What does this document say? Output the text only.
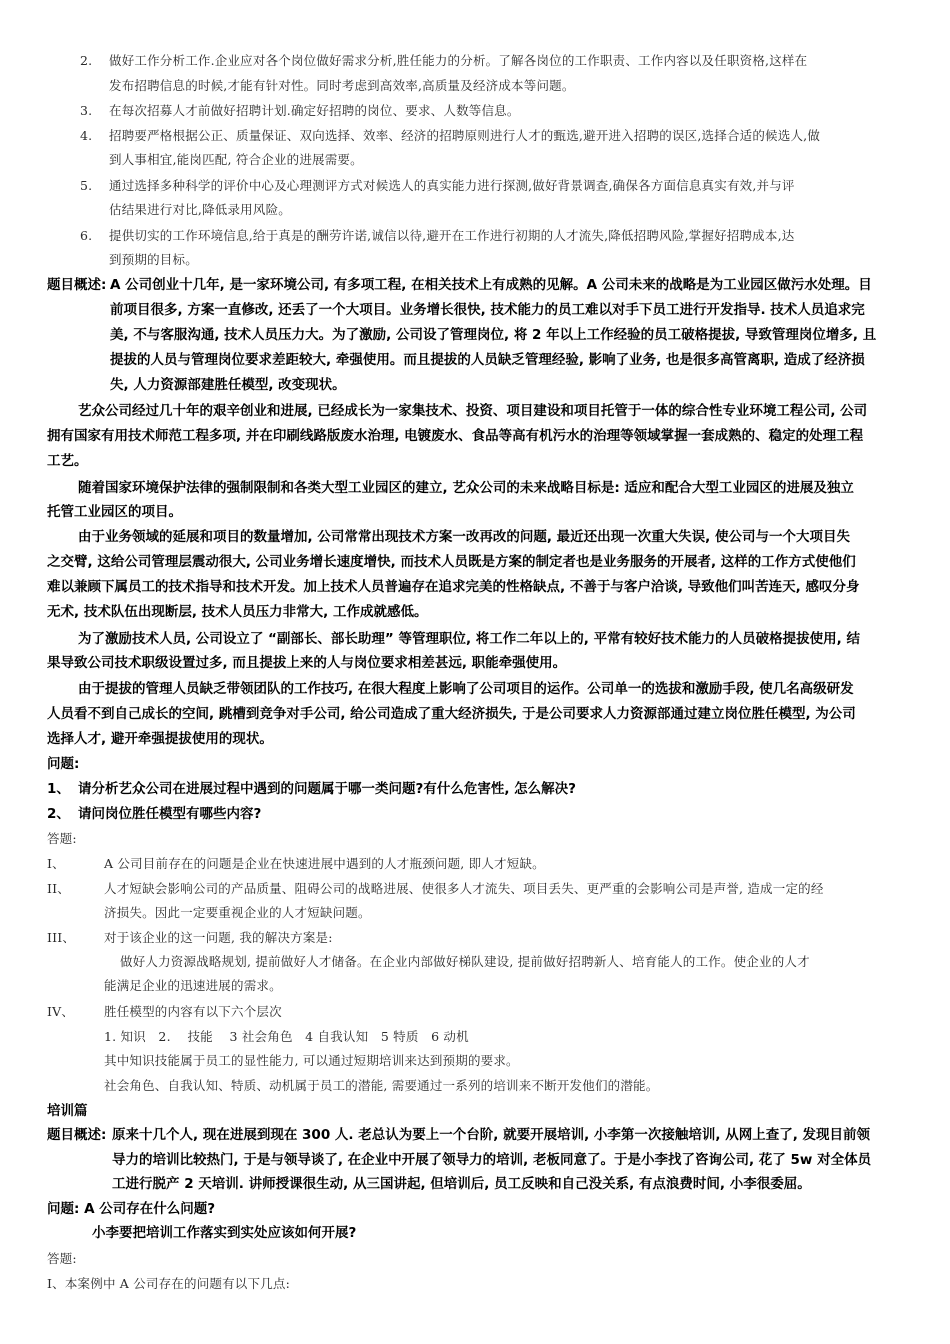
2. 做好工作分析工作.企业应对各个岗位做好需求分析,胜任能力的分析。了解各岗位的工作职责、工作内容以及任职资格,这样在
发布招聘信息的时候,才能有针对性。同时考虑到高效率,高质量及经济成本等问题。
3. 在每次招募人才前做好招聘计划.确定好招聘的岗位、要求、人数等信息。
4. 招聘要严格根据公正、质量保证、双向选择、效率、经济的招聘原则进行人才的甄选,避开进入招聘的误区,选择合适的候选人,做
到人事相宜,能岗匹配, 符合企业的进展需要。
5. 通过选择多种科学的评价中心及心理测评方式对候选人的真实能力进行探测,做好背景调查,确保各方面信息真实有效,并与评
估结果进行对比,降低录用风险。
6. 提供切实的工作环境信息,给于真是的酬劳许诺,诚信以待,避开在工作进行初期的人才流失,降低招聘风险,掌握好招聘成本,达
到预期的目标。
题目概述: A 公司创业十几年, 是一家环境公司, 有多项工程, 在相关技术上有成熟的见解。A 公司未来的战略是为工业园区做污水处理。目
前项目很多, 方案一直修改, 还丢了一个大项目。业务增长很快, 技术能力的员工难以对手下员工进行开发指导. 技术人员追求完
美, 不与客服沟通, 技术人员压力大。为了激励, 公司设了管理岗位, 将 2 年以上工作经验的员工破格提拔, 导致管理岗位增多, 且
提拔的人员与管理岗位要求差距较大, 牵强使用。而且提拔的人员缺乏管理经验, 影响了业务, 也是很多高管离职, 造成了经济损
失, 人力资源部建胜任模型, 改变现状。
艺众公司经过几十年的艰辛创业和进展, 已经成长为一家集技术、投资、项目建设和项目托管于一体的综合性专业环境工程公司, 公司
拥有国家有用技术师范工程多项, 并在印刷线路版废水治理, 电镀废水、食品等高有机污水的治理等领域掌握一套成熟的、稳定的处理工程
工艺。
随着国家环境保护法律的强制限制和各类大型工业园区的建立, 艺众公司的未来战略目标是: 适应和配合大型工业园区的进展及独立
托管工业园区的项目。
由于业务领域的延展和项目的数量增加, 公司常常出现技术方案一改再改的问题, 最近还出现一次重大失误, 使公司与一个大项目失
之交臂, 这给公司管理层震动很大, 公司业务增长速度增快, 而技术人员既是方案的制定者也是业务服务的开展者, 这样的工作方式使他们
难以兼顾下属员工的技术指导和技术开发。加上技术人员普遍存在追求完美的性格缺点, 不善于与客户洽谈, 导致他们叫苦连天, 感叹分身
无术, 技术队伍出现断层, 技术人员压力非常大, 工作成就感低。
为了激励技术人员, 公司设立了 “副部长、部长助理” 等管理职位, 将工作二年以上的, 平常有较好技术能力的人员破格提拔使用, 结
果导致公司技术职级设置过多, 而且提拔上来的人与岗位要求相差甚远, 职能牵强使用。
由于提拔的管理人员缺乏带领团队的工作技巧, 在很大程度上影响了公司项目的运作。公司单一的选拔和激励手段, 使几名高级研发
人员看不到自己成长的空间, 跳槽到竞争对手公司, 给公司造成了重大经济损失, 于是公司要求人力资源部通过建立岗位胜任模型, 为公司
选择人才, 避开牵强提拔使用的现状。
问题:
1、 请分析艺众公司在进展过程中遇到的问题属于哪一类问题?有什么危害性, 怎么解决?
2、 请问岗位胜任模型有哪些内容?
答题:
I、	A 公司目前存在的问题是企业在快速进展中遇到的人才瓶颈问题, 即人才短缺。
II、	人才短缺会影响公司的产品质量、阻碍公司的战略进展、使很多人才流失、项目丢失、更严重的会影响公司是声誉, 造成一定的经
济损失。因此一定要重视企业的人才短缺问题。
III、 对于该企业的这一问题, 我的解决方案是:
做好人力资源战略规划, 提前做好人才储备。在企业内部做好梯队建设, 提前做好招聘新人、培育能人的工作。使企业的人才
能满足企业的迅速进展的需求。
IV、 胜任模型的内容有以下六个层次
1. 知识   2.    技能    3 社会角色   4 自我认知   5 特质   6 动机
其中知识技能属于员工的显性能力, 可以通过短期培训来达到预期的要求。
社会角色、自我认知、特质、动机属于员工的潜能, 需要通过一系列的培训来不断开发他们的潜能。
培训篇
题目概述: 原来十几个人, 现在进展到现在 300 人. 老总认为要上一个台阶, 就要开展培训, 小李第一次接触培训, 从网上查了, 发现目前领
导力的培训比较热门, 于是与领导谈了, 在企业中开展了领导力的培训, 老板同意了。于是小李找了咨询公司, 花了 5w 对全体员
工进行脱产 2 天培训. 讲师授课很生动, 从三国讲起, 但培训后, 员工反映和自己没关系, 有点浪费时间, 小李很委屈。
问题: A 公司存在什么问题?
小李要把培训工作落实到实处应该如何开展?
答题:
I、本案例中 A 公司存在的问题有以下几点:
